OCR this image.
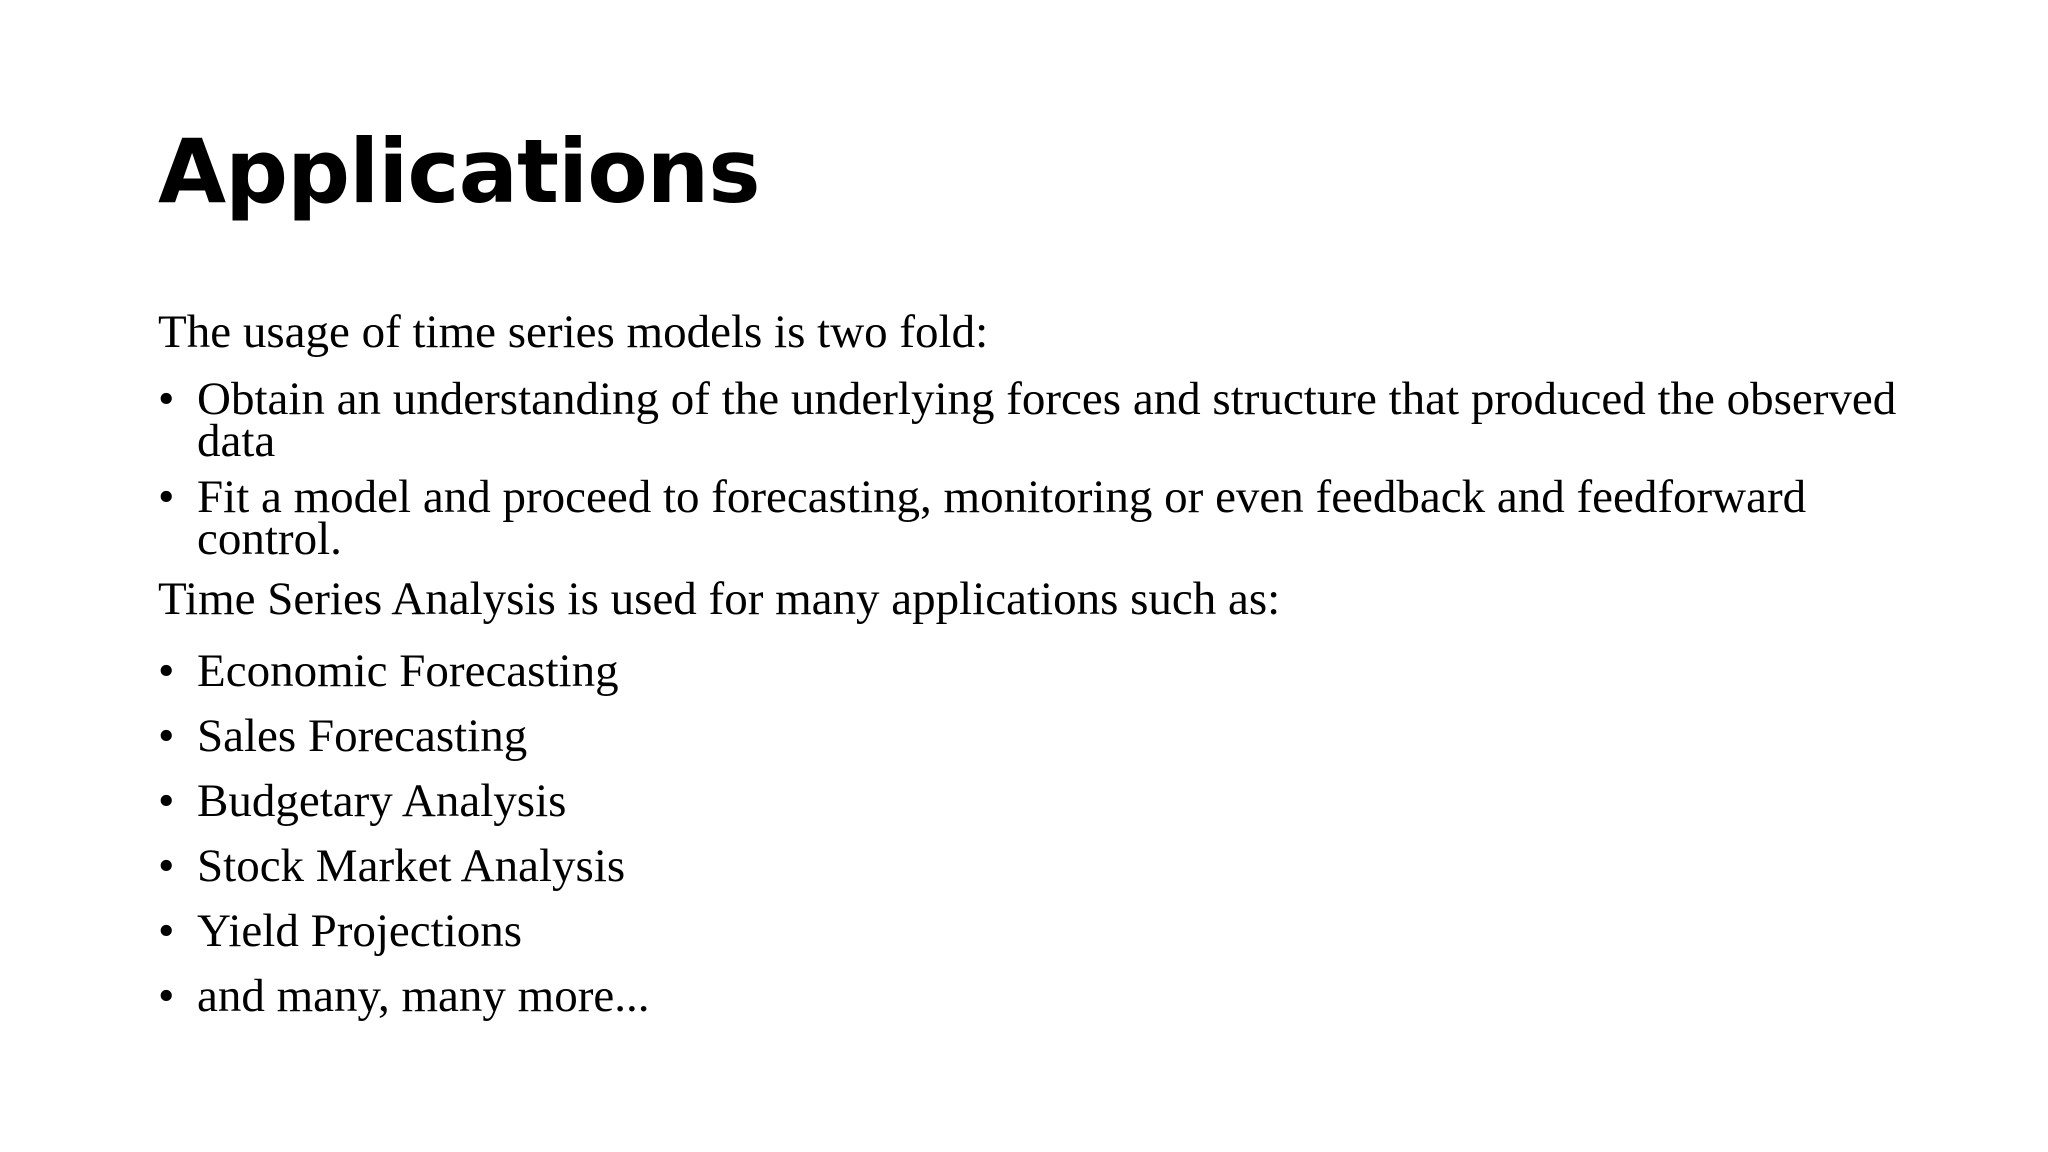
Applications

The usage of time series models is two fold:

• Obtain an understanding of the underlying forces and structure that produced the observed data
• Fit a model and proceed to forecasting, monitoring or even feedback and feedforward control.

Time Series Analysis is used for many applications such as:

• Economic Forecasting
• Sales Forecasting
• Budgetary Analysis
• Stock Market Analysis
• Yield Projections
• and many, many more...
